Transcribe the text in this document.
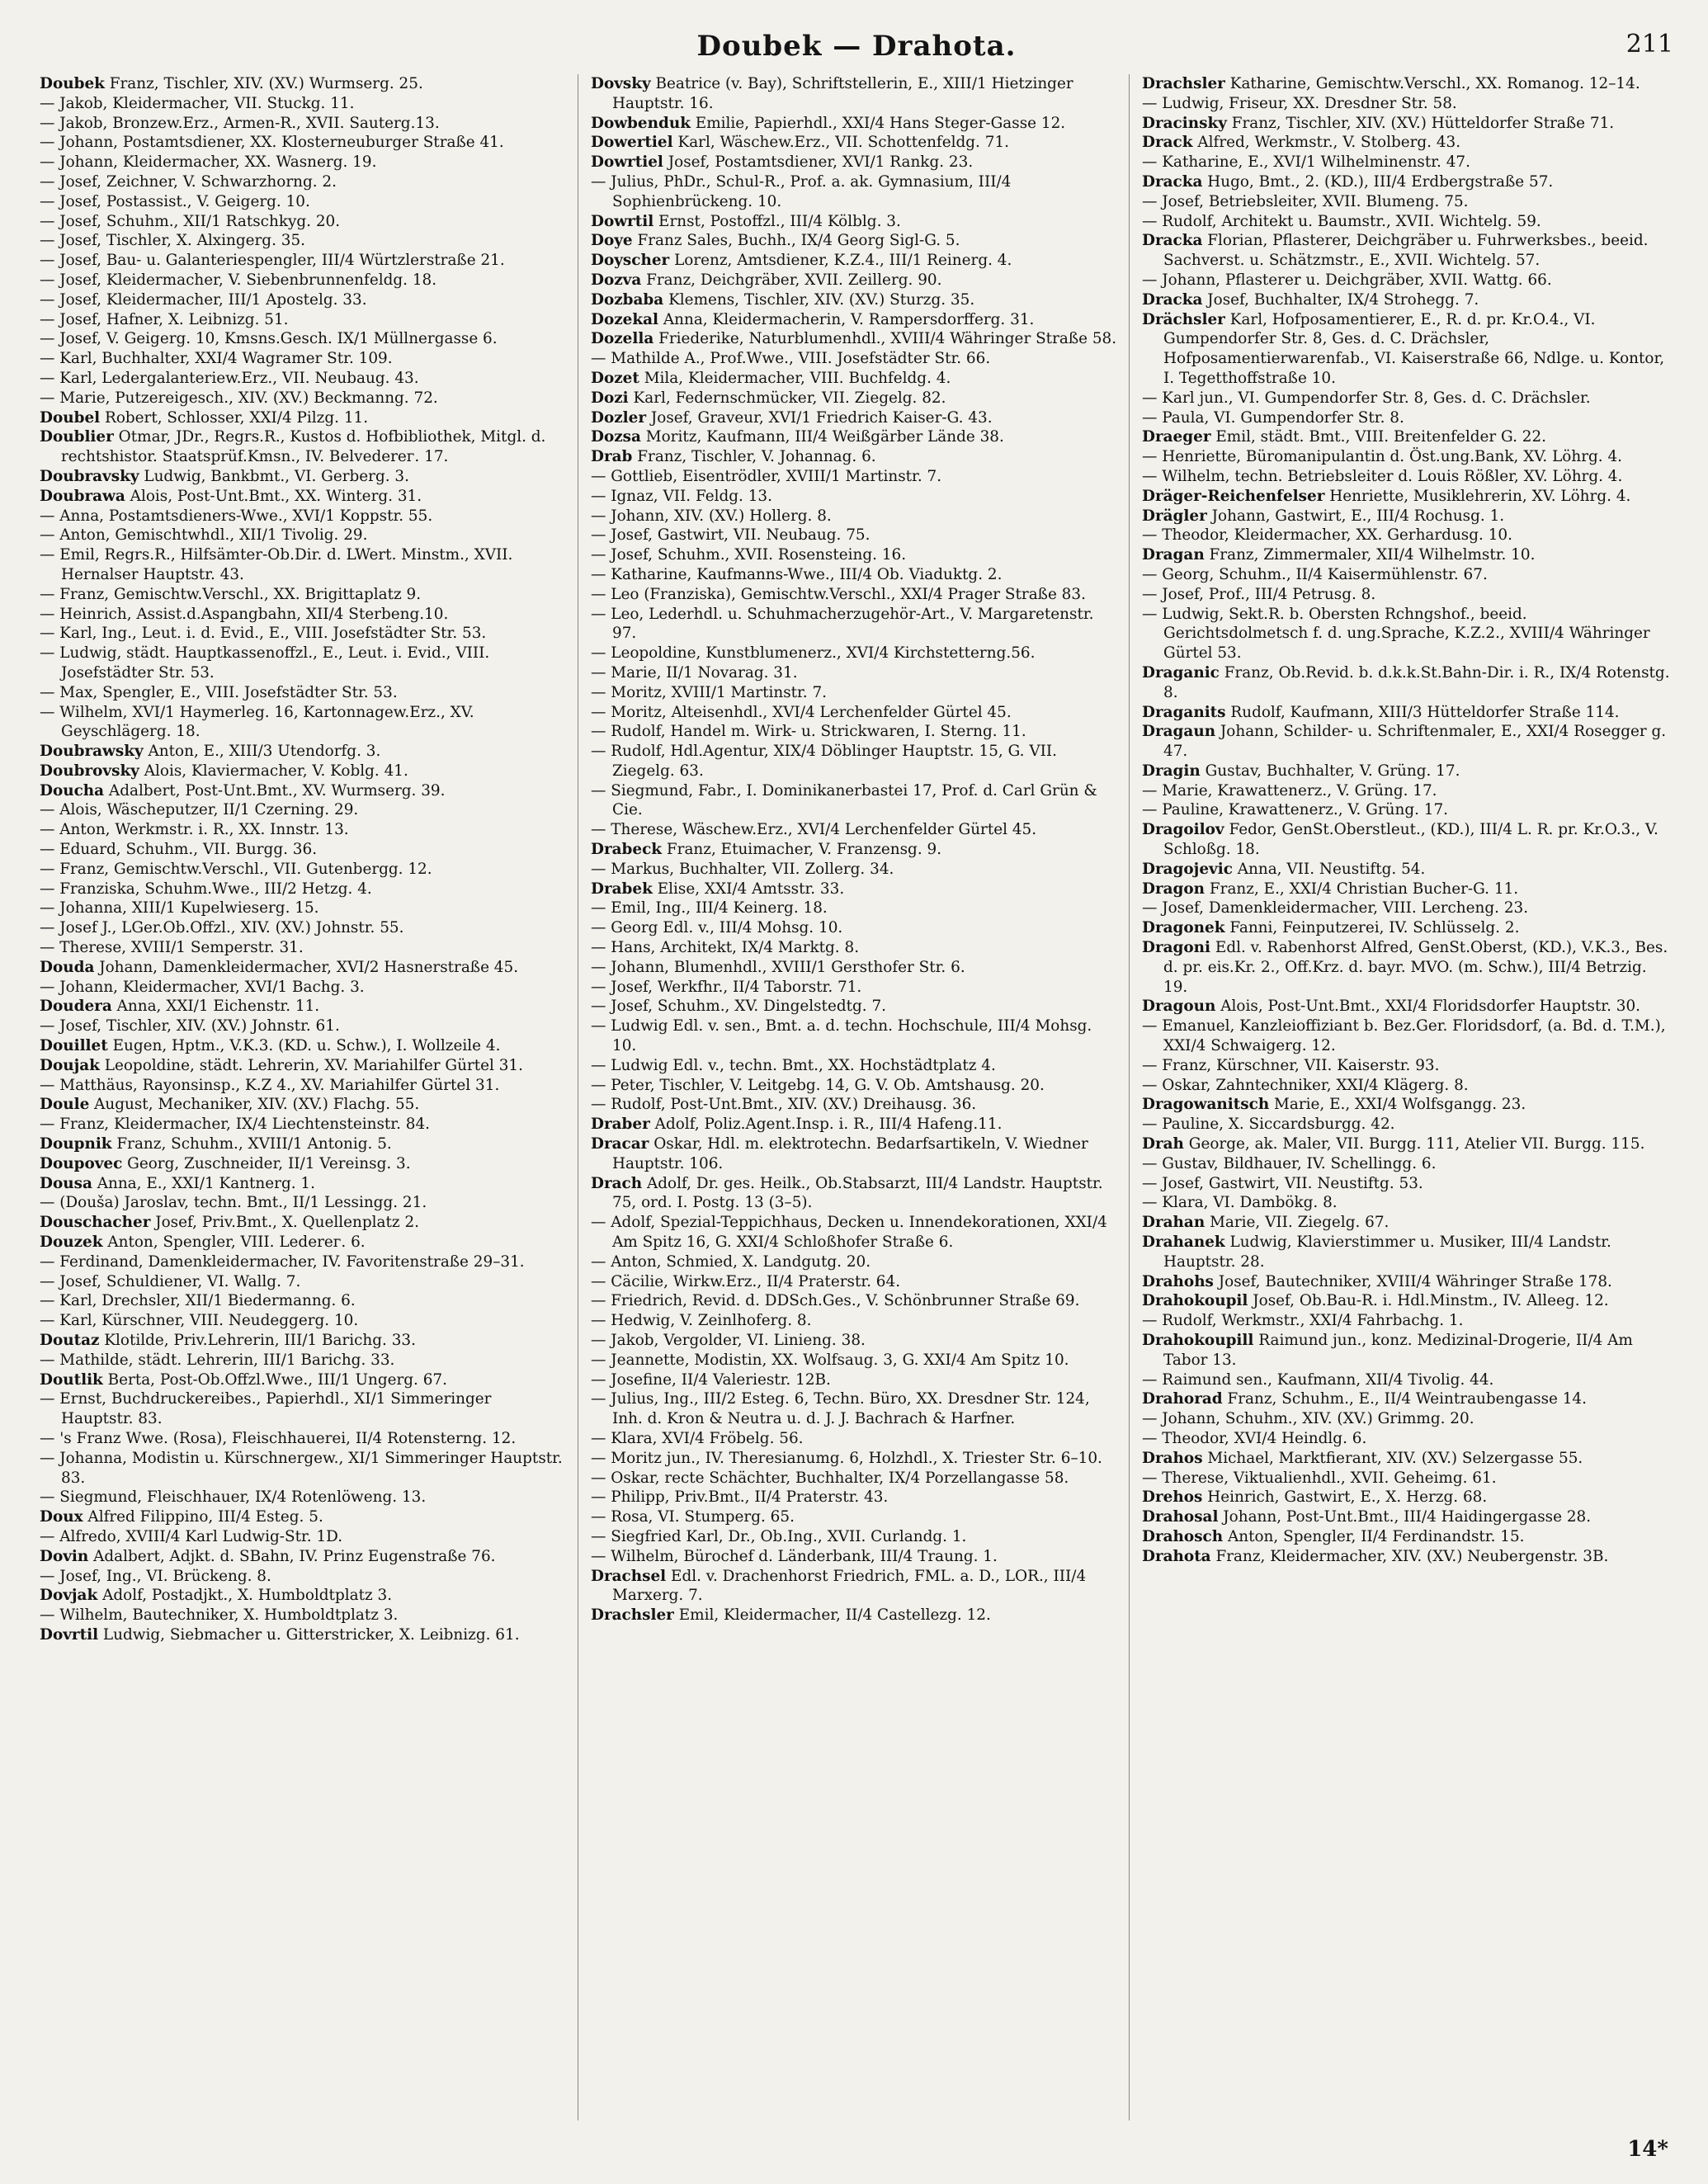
Doubek — Drahota.	211

Doubek Franz, Tischler, XIV. (XV.) Wurmserg. 25.

— Jakob, Kleidermacher, VII. Stuckg. 11.

— Jakob, Bronzew.Erz., Armen-R., XVII. Sauterg.13.

— Johann, Postamtsdiener, XX. Klosterneuburger Straße 41.

— Johann, Kleidermacher, XX. Wasnerg. 19.

— Josef, Zeichner, V. Schwarzhorng. 2.

— Josef, Postassist., V. Geigerg. 10.

— Josef, Schuhm., XII/1 Ratschkyg. 20.

— Josef, Tischler, X. Alxingerg. 35.

— Josef, Bau- u. Galanteriespengler, III/4 Würtzlerstraße 21.

— Josef, Kleidermacher, V. Siebenbrunnenfeldg. 18.

— Josef, Kleidermacher, III/1 Apostelg. 33.

— Josef, Hafner, X. Leibnizg. 51.

— Josef, V. Geigerg. 10, Kmsns.Gesch. IX/1 Müllnergasse 6.

— Karl, Buchhalter, XXI/4 Wagramer Str. 109.

— Karl, Ledergalanteriew.Erz., VII. Neubaug. 43.

— Marie, Putzereigesch., XIV. (XV.) Beckmanng. 72.

Doubel Robert, Schlosser, XXI/4 Pilzg. 11.

Doublier Otmar, JDr., Regrs.R., Kustos d. Hofbibliothek, Mitgl. d. rechtshistor. Staatsprüf.Kmsn., IV. Belvederег. 17.

Doubravsky Ludwig, Bankbmt., VI. Gerberg. 3.

Doubrawa Alois, Post-Unt.Bmt., XX. Winterg. 31.

— Anna, Postamtsdieners-Wwe., XVI/1 Koppstr. 55.

— Anton, Gemischtwhdl., XII/1 Tivolig. 29.

— Emil, Regrs.R., Hilfsämter-Ob.Dir. d. LWert. Minstm., XVII. Hernalser Hauptstr. 43.

— Franz, Gemischtw.Verschl., XX. Brigittaplatz 9.

— Heinrich, Assist.d.Aspangbahn, XII/4 Sterbeng.10.

— Karl, Ing., Leut. i. d. Evid., E., VIII. Josefstädter Str. 53.

— Ludwig, städt. Hauptkassenoffzl., E., Leut. i. Evid., VIII. Josefstädter Str. 53.

— Max, Spengler, E., VIII. Josefstädter Str. 53.

— Wilhelm, XVI/1 Haymerleg. 16, Kartonnagew.Erz., XV. Geyschlägerg. 18.

Doubrawsky Anton, E., XIII/3 Utendorfg. 3.

Doubrovsky Alois, Klaviermacher, V. Koblg. 41.

Doucha Adalbert, Post-Unt.Bmt., XV. Wurmserg. 39.

— Alois, Wäscheputzer, II/1 Czerning. 29.

— Anton, Werkmstr. i. R., XX. Innstr. 13.

— Eduard, Schuhm., VII. Burgg. 36.

— Franz, Gemischtw.Verschl., VII. Gutenbergg. 12.

— Franziska, Schuhm.Wwe., III/2 Hetzg. 4.

— Johanna, XIII/1 Kupelwieserg. 15.

— Josef J., LGer.Ob.Offzl., XIV. (XV.) Johnstr. 55.

— Therese, XVIII/1 Semperstr. 31.

Douda Johann, Damenkleidermacher, XVI/2 Hasnerstraße 45.

— Johann, Kleidermacher, XVI/1 Bachg. 3.

Doudera Anna, XXI/1 Eichenstr. 11.

— Josef, Tischler, XIV. (XV.) Johnstr. 61.

Douillet Eugen, Hptm., V.K.3. (KD. u. Schw.), I. Wollzeile 4.

Doujak Leopoldine, städt. Lehrerin, XV. Mariahilfer Gürtel 31.

— Matthäus, Rayonsinsp., K.Z 4., XV. Mariahilfer Gürtel 31.

Doule August, Mechaniker, XIV. (XV.) Flachg. 55.

— Franz, Kleidermacher, IX/4 Liechtensteinstr. 84.

Doupnik Franz, Schuhm., XVIII/1 Antonig. 5.

Doupovec Georg, Zuschneider, II/1 Vereinsg. 3.

Dousa Anna, E., XXI/1 Kantnerg. 1.

— (Douša) Jaroslav, techn. Bmt., II/1 Lessingg. 21.

Douschacher Josef, Priv.Bmt., X. Quellenplatz 2.

Douzek Anton, Spengler, VIII. Lederег. 6.

— Ferdinand, Damenkleidermacher, IV. Favoritenstraße 29–31.

— Josef, Schuldiener, VI. Wallg. 7.

— Karl, Drechsler, XII/1 Biedermanng. 6.

— Karl, Kürschner, VIII. Neudeggerg. 10.

Doutaz Klotilde, Priv.Lehrerin, III/1 Barichg. 33.

— Mathilde, städt. Lehrerin, III/1 Barichg. 33.

Doutlik Berta, Post-Ob.Offzl.Wwe., III/1 Ungerg. 67.

— Ernst, Buchdruckereibes., Papierhdl., XI/1 Simmeringer Hauptstr. 83.

— 's Franz Wwe. (Rosa), Fleischhauerei, II/4 Rotensterng. 12.

— Johanna, Modistin u. Kürschnergew., XI/1 Simmeringer Hauptstr. 83.

— Siegmund, Fleischhauer, IX/4 Rotenlöweng. 13.

Doux Alfred Filippino, III/4 Esteg. 5.

— Alfredo, XVIII/4 Karl Ludwig-Str. 1D.

Dovin Adalbert, Adjkt. d. SBahn, IV. Prinz Eugenstraße 76.

— Josef, Ing., VI. Brückeng. 8.

Dovjak Adolf, Postadjkt., X. Humboldtplatz 3.

— Wilhelm, Bautechniker, X. Humboldtplatz 3.

Dovrtil Ludwig, Siebmacher u. Gitterstricker, X. Leibnizg. 61.

Dovsky Beatrice (v. Bay), Schriftstellerin, E., XIII/1 Hietzinger Hauptstr. 16.

Dowbenduk Emilie, Papierhdl., XXI/4 Hans Steger-Gasse 12.

Dowertiel Karl, Wäschew.Erz., VII. Schottenfeldg. 71.

Dowrtiel Josef, Postamtsdiener, XVI/1 Rankg. 23.

— Julius, PhDr., Schul-R., Prof. a. ak. Gymnasium, III/4 Sophienbrückeng. 10.

Dowrtil Ernst, Postoffzl., III/4 Kölblg. 3.

Doye Franz Sales, Buchh., IX/4 Georg Sigl-G. 5.

Doyscher Lorenz, Amtsdiener, K.Z.4., III/1 Reinerg. 4.

Dozva Franz, Deichgräber, XVII. Zeillerg. 90.

Dozbaba Klemens, Tischler, XIV. (XV.) Sturzg. 35.

Dozekal Anna, Kleidermacherin, V. Rampersdorfferg. 31.

Dozella Friederike, Naturblumenhdl., XVIII/4 Währinger Straße 58.

— Mathilde A., Prof.Wwe., VIII. Josefstädter Str. 66.

Dozet Mila, Kleidermacher, VIII. Buchfeldg. 4.

Dozi Karl, Federnschmücker, VII. Ziegelg. 82.

Dozler Josef, Graveur, XVI/1 Friedrich Kaiser-G. 43.

Dozsa Moritz, Kaufmann, III/4 Weißgärber Lände 38.

Drab Franz, Tischler, V. Johannag. 6.

— Gottlieb, Eisentrödler, XVIII/1 Martinstr. 7.

— Ignaz, VII. Feldg. 13.

— Johann, XIV. (XV.) Hollerg. 8.

— Josef, Gastwirt, VII. Neubaug. 75.

— Josef, Schuhm., XVII. Rosensteing. 16.

— Katharine, Kaufmanns-Wwe., III/4 Ob. Viaduktg. 2.

— Leo (Franziska), Gemischtw.Verschl., XXI/4 Prager Straße 83.

— Leo, Lederhdl. u. Schuhmacherzugehör-Art., V. Margaretenstr. 97.

— Leopoldine, Kunstblumenerz., XVI/4 Kirchstetterng.56.

— Marie, II/1 Novarag. 31.

— Moritz, XVIII/1 Martinstr. 7.

— Moritz, Alteisenhdl., XVI/4 Lerchenfelder Gürtel 45.

— Rudolf, Handel m. Wirk- u. Strickwaren, I. Sterng. 11.

— Rudolf, Hdl.Agentur, XIX/4 Döblinger Hauptstr. 15, G. VII. Ziegelg. 63.

— Siegmund, Fabr., I. Dominikanerbastei 17, Prof. d. Carl Grün & Cie.

— Therese, Wäschew.Erz., XVI/4 Lerchenfelder Gürtel 45.

Drabeck Franz, Etuimacher, V. Franzensg. 9.

— Markus, Buchhalter, VII. Zollerg. 34.

Drabek Elise, XXI/4 Amtsstr. 33.

— Emil, Ing., III/4 Keinerg. 18.

— Georg Edl. v., III/4 Mohsg. 10.

— Hans, Architekt, IX/4 Marktg. 8.

— Johann, Blumenhdl., XVIII/1 Gersthofer Str. 6.

— Josef, Werkfhr., II/4 Taborstr. 71.

— Josef, Schuhm., XV. Dingelstedtg. 7.

— Ludwig Edl. v. sen., Bmt. a. d. techn. Hochschule, III/4 Mohsg. 10.

— Ludwig Edl. v., techn. Bmt., XX. Hochstädtplatz 4.

— Peter, Tischler, V. Leitgebg. 14, G. V. Ob. Amtshausg. 20.

— Rudolf, Post-Unt.Bmt., XIV. (XV.) Dreihausg. 36.

Draber Adolf, Poliz.Agent.Insp. i. R., III/4 Hafeng.11.

Dracar Oskar, Hdl. m. elektrotechn. Bedarfsartikeln, V. Wiedner Hauptstr. 106.

Drach Adolf, Dr. ges. Heilk., Ob.Stabsarzt, III/4 Landstr. Hauptstr. 75, ord. I. Postg. 13 (3–5).

— Adolf, Spezial-Teppichhaus, Decken u. Innendekorationen, XXI/4 Am Spitz 16, G. XXI/4 Schloßhofer Straße 6.

— Anton, Schmied, X. Landgutg. 20.

— Cäcilie, Wirkw.Erz., II/4 Praterstr. 64.

— Friedrich, Revid. d. DDSch.Ges., V. Schönbrunner Straße 69.

— Hedwig, V. Zeinlhoferg. 8.

— Jakob, Vergolder, VI. Linieng. 38.

— Jeannette, Modistin, XX. Wolfsaug. 3, G. XXI/4 Am Spitz 10.

— Josefine, II/4 Valeriestr. 12B.

— Julius, Ing., III/2 Esteg. 6, Techn. Büro, XX. Dresdner Str. 124, Inh. d. Kron & Neutra u. d. J. J. Bachrach & Harfner.

— Klara, XVI/4 Fröbelg. 56.

— Moritz jun., IV. Theresianumg. 6, Holzhdl., X. Triester Str. 6–10.

— Oskar, recte Schächter, Buchhalter, IX/4 Porzellangasse 58.

— Philipp, Priv.Bmt., II/4 Praterstr. 43.

— Rosa, VI. Stumperg. 65.

— Siegfried Karl, Dr., Ob.Ing., XVII. Curlandg. 1.

— Wilhelm, Bürochef d. Länderbank, III/4 Traung. 1.

Drachsel Edl. v. Drachenhorst Friedrich, FML. a. D., LOR., III/4 Marxerg. 7.

Drachsler Emil, Kleidermacher, II/4 Castellezg. 12.

Drachsler Katharine, Gemischtw.Verschl., XX. Romanog. 12–14.

— Ludwig, Friseur, XX. Dresdner Str. 58.

Dracinsky Franz, Tischler, XIV. (XV.) Hütteldorfer Straße 71.

Drack Alfred, Werkmstr., V. Stolberg. 43.

— Katharine, E., XVI/1 Wilhelminenstr. 47.

Dracka Hugo, Bmt., 2. (KD.), III/4 Erdbergstraße 57.

— Josef, Betriebsleiter, XVII. Blumeng. 75.

— Rudolf, Architekt u. Baumstr., XVII. Wichtelg. 59.

Dracka Florian, Pflasterer, Deichgräber u. Fuhrwerksbes., beeid. Sachverst. u. Schätzmstr., E., XVII. Wichtelg. 57.

— Johann, Pflasterer u. Deichgräber, XVII. Wattg. 66.

Dracka Josef, Buchhalter, IX/4 Strohegg. 7.

Drächsler Karl, Hofposamentierer, E., R. d. pr. Kr.O.4., VI. Gumpendorfer Str. 8, Ges. d. C. Drächsler, Hofposamentierwarenfab., VI. Kaiserstraße 66, Ndlge. u. Kontor, I. Tegetthoffstraße 10.

— Karl jun., VI. Gumpendorfer Str. 8, Ges. d. C. Drächsler.

— Paula, VI. Gumpendorfer Str. 8.

Draeger Emil, städt. Bmt., VIII. Breitenfelder G. 22.

— Henriette, Büromanipulantin d. Öst.ung.Bank, XV. Löhrg. 4.

— Wilhelm, techn. Betriebsleiter d. Louis Rößler, XV. Löhrg. 4.

Dräger-Reichenfelser Henriette, Musiklehrerin, XV. Löhrg. 4.

Drägler Johann, Gastwirt, E., III/4 Rochusg. 1.

— Theodor, Kleidermacher, XX. Gerhardusg. 10.

Dragan Franz, Zimmermaler, XII/4 Wilhelmstr. 10.

— Georg, Schuhm., II/4 Kaisermühlenstr. 67.

— Josef, Prof., III/4 Petrusg. 8.

— Ludwig, Sekt.R. b. Obersten Rchngshof., beeid. Gerichtsdolmetsch f. d. ung.Sprache, K.Z.2., XVIII/4 Währinger Gürtel 53.

Draganic Franz, Ob.Revid. b. d.k.k.St.Bahn-Dir. i. R., IX/4 Rotenstg. 8.

Draganits Rudolf, Kaufmann, XIII/3 Hütteldorfer Straße 114.

Dragaun Johann, Schilder- u. Schriftenmaler, E., XXI/4 Rosegger g. 47.

Dragin Gustav, Buchhalter, V. Grüng. 17.

— Marie, Krawattenerz., V. Grüng. 17.

— Pauline, Krawattenerz., V. Grüng. 17.

Dragoilov Fedor, GenSt.Oberstleut., (KD.), III/4 L. R. pr. Kr.O.3., V. Schloßg. 18.

Dragojevic Anna, VII. Neustiftg. 54.

Dragon Franz, E., XXI/4 Christian Bucher-G. 11.

— Josef, Damenkleidermacher, VIII. Lercheng. 23.

Dragonek Fanni, Feinputzerei, IV. Schlüsselg. 2.

Dragoni Edl. v. Rabenhorst Alfred, GenSt.Oberst, (KD.), V.K.3., Bes. d. pr. eis.Kr. 2., Off.Krz. d. bayr. MVO. (m. Schw.), III/4 Betrzig. 19.

Dragoun Alois, Post-Unt.Bmt., XXI/4 Floridsdorfer Hauptstr. 30.

— Emanuel, Kanzleioffiziant b. Bez.Ger. Floridsdorf, (a. Bd. d. T.M.), XXI/4 Schwaigerg. 12.

— Franz, Kürschner, VII. Kaiserstr. 93.

— Oskar, Zahntechniker, XXI/4 Klägerg. 8.

Dragowanitsch Marie, E., XXI/4 Wolfsgangg. 23.

— Pauline, X. Siccardsburgg. 42.

Drah George, ak. Maler, VII. Burgg. 111, Atelier VII. Burgg. 115.

— Gustav, Bildhauer, IV. Schellingg. 6.

— Josef, Gastwirt, VII. Neustiftg. 53.

— Klara, VI. Dambökg. 8.

Drahan Marie, VII. Ziegelg. 67.

Drahanek Ludwig, Klavierstimmer u. Musiker, III/4 Landstr. Hauptstr. 28.

Drahohs Josef, Bautechniker, XVIII/4 Währinger Straße 178.

Drahokoupil Josef, Ob.Bau-R. i. Hdl.Minstm., IV. Alleeg. 12.

— Rudolf, Werkmstr., XXI/4 Fahrbachg. 1.

Drahokoupill Raimund jun., konz. Medizinal-Drogerie, II/4 Am Tabor 13.

— Raimund sen., Kaufmann, XII/4 Tivolig. 44.

Drahorad Franz, Schuhm., E., II/4 Weintraubengasse 14.

— Johann, Schuhm., XIV. (XV.) Grimmg. 20.

— Theodor, XVI/4 Heindlg. 6.

Drahos Michael, Marktfierant, XIV. (XV.) Selzergasse 55.

— Therese, Viktualienhdl., XVII. Geheimg. 61.

Drehos Heinrich, Gastwirt, E., X. Herzg. 68.

Drahosal Johann, Post-Unt.Bmt., III/4 Haidingergasse 28.

Drahosch Anton, Spengler, II/4 Ferdinandstr. 15.

Drahota Franz, Kleidermacher, XIV. (XV.) Neubergenstr. 3B.

14*
